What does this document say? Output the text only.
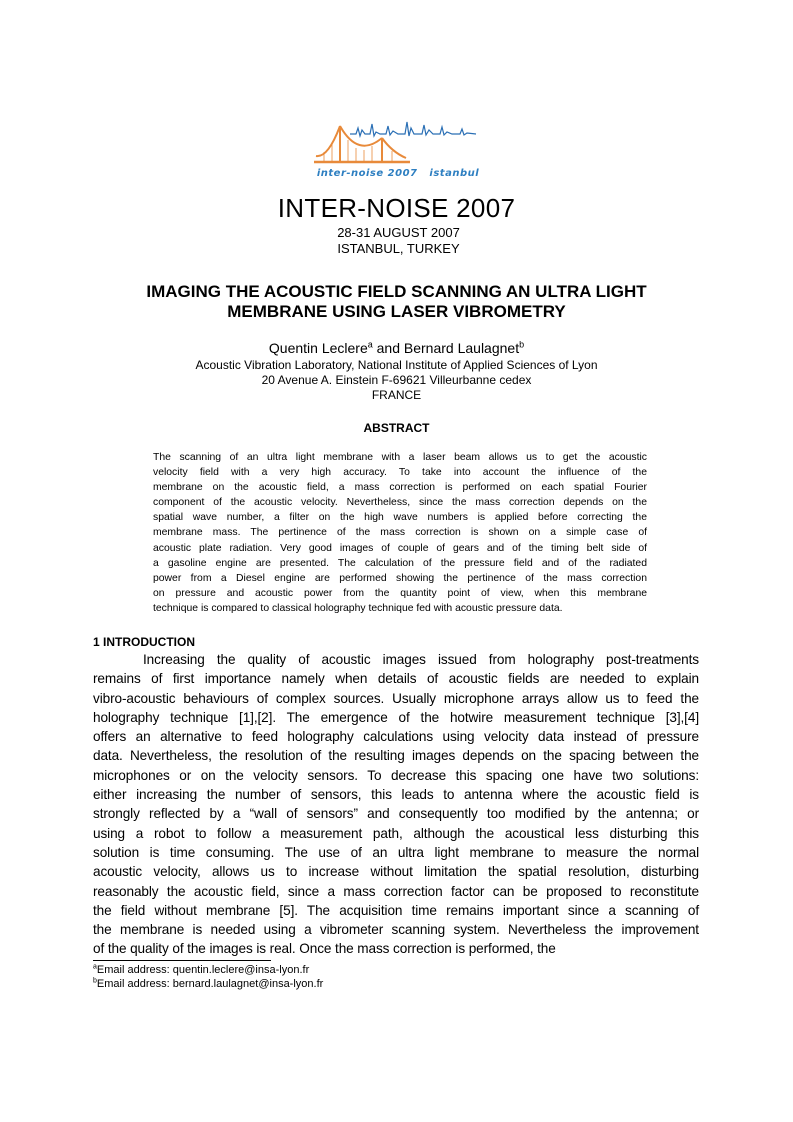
inter-noise 2007   istanbul
INTER-NOISE 2007
28-31 AUGUST 2007
ISTANBUL, TURKEY
IMAGING THE ACOUSTIC FIELD SCANNING AN ULTRA LIGHT
MEMBRANE USING LASER VIBROMETRY
Quentin Leclere$^a$ and Bernard Laulagnet$^b$
Acoustic Vibration Laboratory, National Institute of Applied Sciences of Lyon
20 Avenue A. Einstein F-69621 Villeurbanne cedex
FRANCE
ABSTRACT
The scanning of an ultra light membrane with a laser beam allows us to get the acoustic
velocity field with a very high accuracy. To take into account the influence of the
membrane on the acoustic field, a mass correction is performed on each spatial Fourier
component of the acoustic velocity. Nevertheless, since the mass correction depends on the
spatial wave number, a filter on the high wave numbers is applied before correcting the
membrane mass. The pertinence of the mass correction is shown on a simple case of
acoustic plate radiation. Very good images of couple of gears and of the timing belt side of
a gasoline engine are presented. The calculation of the pressure field and of the radiated
power from a Diesel engine are performed showing the pertinence of the mass correction
on pressure and acoustic power from the quantity point of view, when this membrane
technique is compared to classical holography technique fed with acoustic pressure data.
1 INTRODUCTION
Increasing the quality of acoustic images issued from holography post-treatments
remains of first importance namely when details of acoustic fields are needed to explain
vibro-acoustic behaviours of complex sources. Usually microphone arrays allow us to feed the
holography technique [1],[2]. The emergence of the hotwire measurement technique [3],[4]
offers an alternative to feed holography calculations using velocity data instead of pressure
data. Nevertheless, the resolution of the resulting images depends on the spacing between the
microphones or on the velocity sensors. To decrease this spacing one have two solutions:
either increasing the number of sensors, this leads to antenna where the acoustic field is
strongly reflected by a “wall of sensors” and consequently too modified by the antenna; or
using a robot to follow a measurement path, although the acoustical less disturbing this
solution is time consuming. The use of an ultra light membrane to measure the normal
acoustic velocity, allows us to increase without limitation the spatial resolution, disturbing
reasonably the acoustic field, since a mass correction factor can be proposed to reconstitute
the field without membrane [5]. The acquisition time remains important since a scanning of
the membrane is needed using a vibrometer scanning system. Nevertheless the improvement
of the quality of the images is real. Once the mass correction is performed, the
$^a$Email address: quentin.leclere@insa-lyon.fr
$^b$Email address: bernard.laulagnet@insa-lyon.fr
